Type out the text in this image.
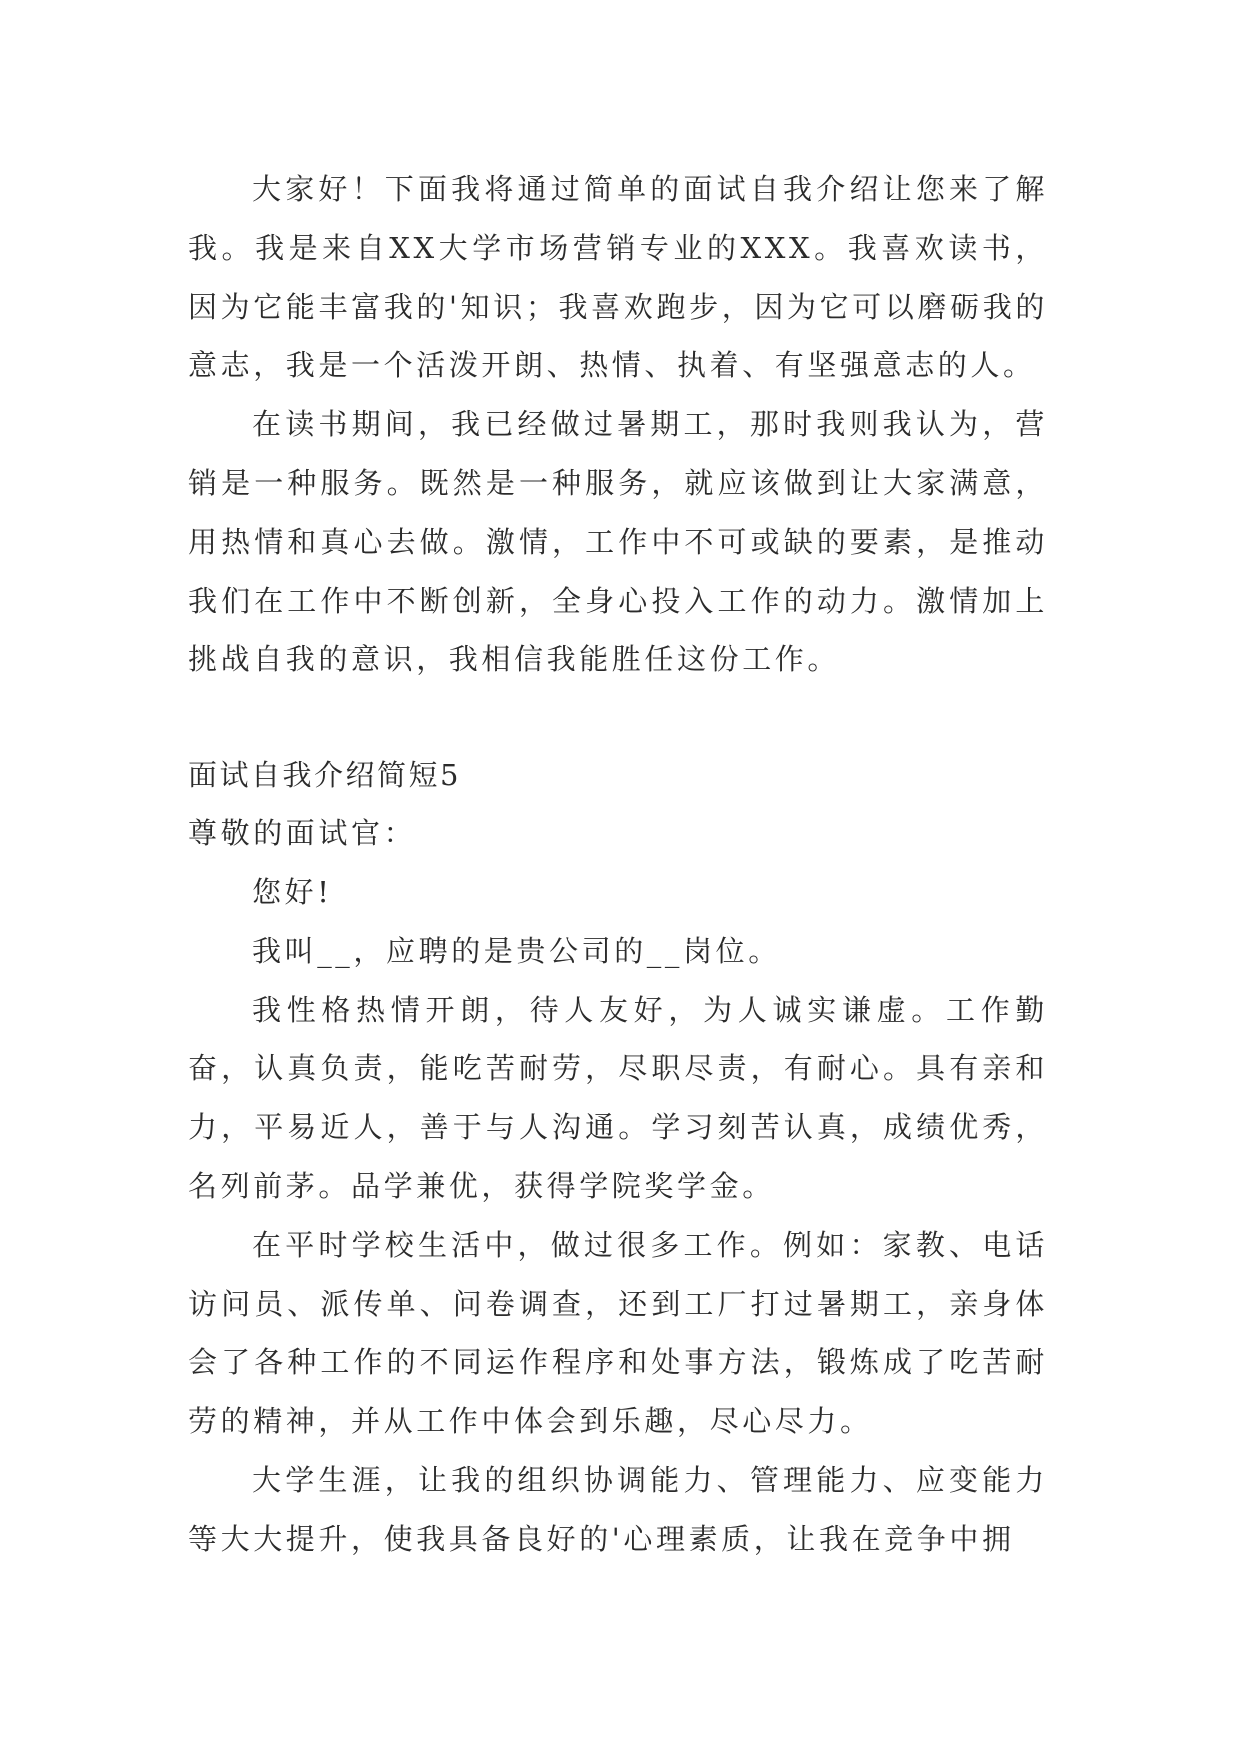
大家好！下面我将通过简单的面试自我介绍让您来了解我。我是来自XX大学市场营销专业的XXX。我喜欢读书，因为它能丰富我的'知识；我喜欢跑步，因为它可以磨砺我的意志，我是一个活泼开朗、热情、执着、有坚强意志的人。

在读书期间，我已经做过暑期工，那时我则我认为，营销是一种服务。既然是一种服务，就应该做到让大家满意，用热情和真心去做。激情，工作中不可或缺的要素，是推动我们在工作中不断创新，全身心投入工作的动力。激情加上挑战自我的意识，我相信我能胜任这份工作。

面试自我介绍简短5

尊敬的面试官：

您好!

我叫__，应聘的是贵公司的__岗位。

我性格热情开朗，待人友好，为人诚实谦虚。工作勤奋，认真负责，能吃苦耐劳，尽职尽责，有耐心。具有亲和力，平易近人，善于与人沟通。学习刻苦认真，成绩优秀，名列前茅。品学兼优，获得学院奖学金。

在平时学校生活中，做过很多工作。例如：家教、电话访问员、派传单、问卷调查，还到工厂打过暑期工，亲身体会了各种工作的不同运作程序和处事方法，锻炼成了吃苦耐劳的精神，并从工作中体会到乐趣，尽心尽力。

大学生涯，让我的组织协调能力、管理能力、应变能力等大大提升，使我具备良好的'心理素质，让我在竞争中拥
